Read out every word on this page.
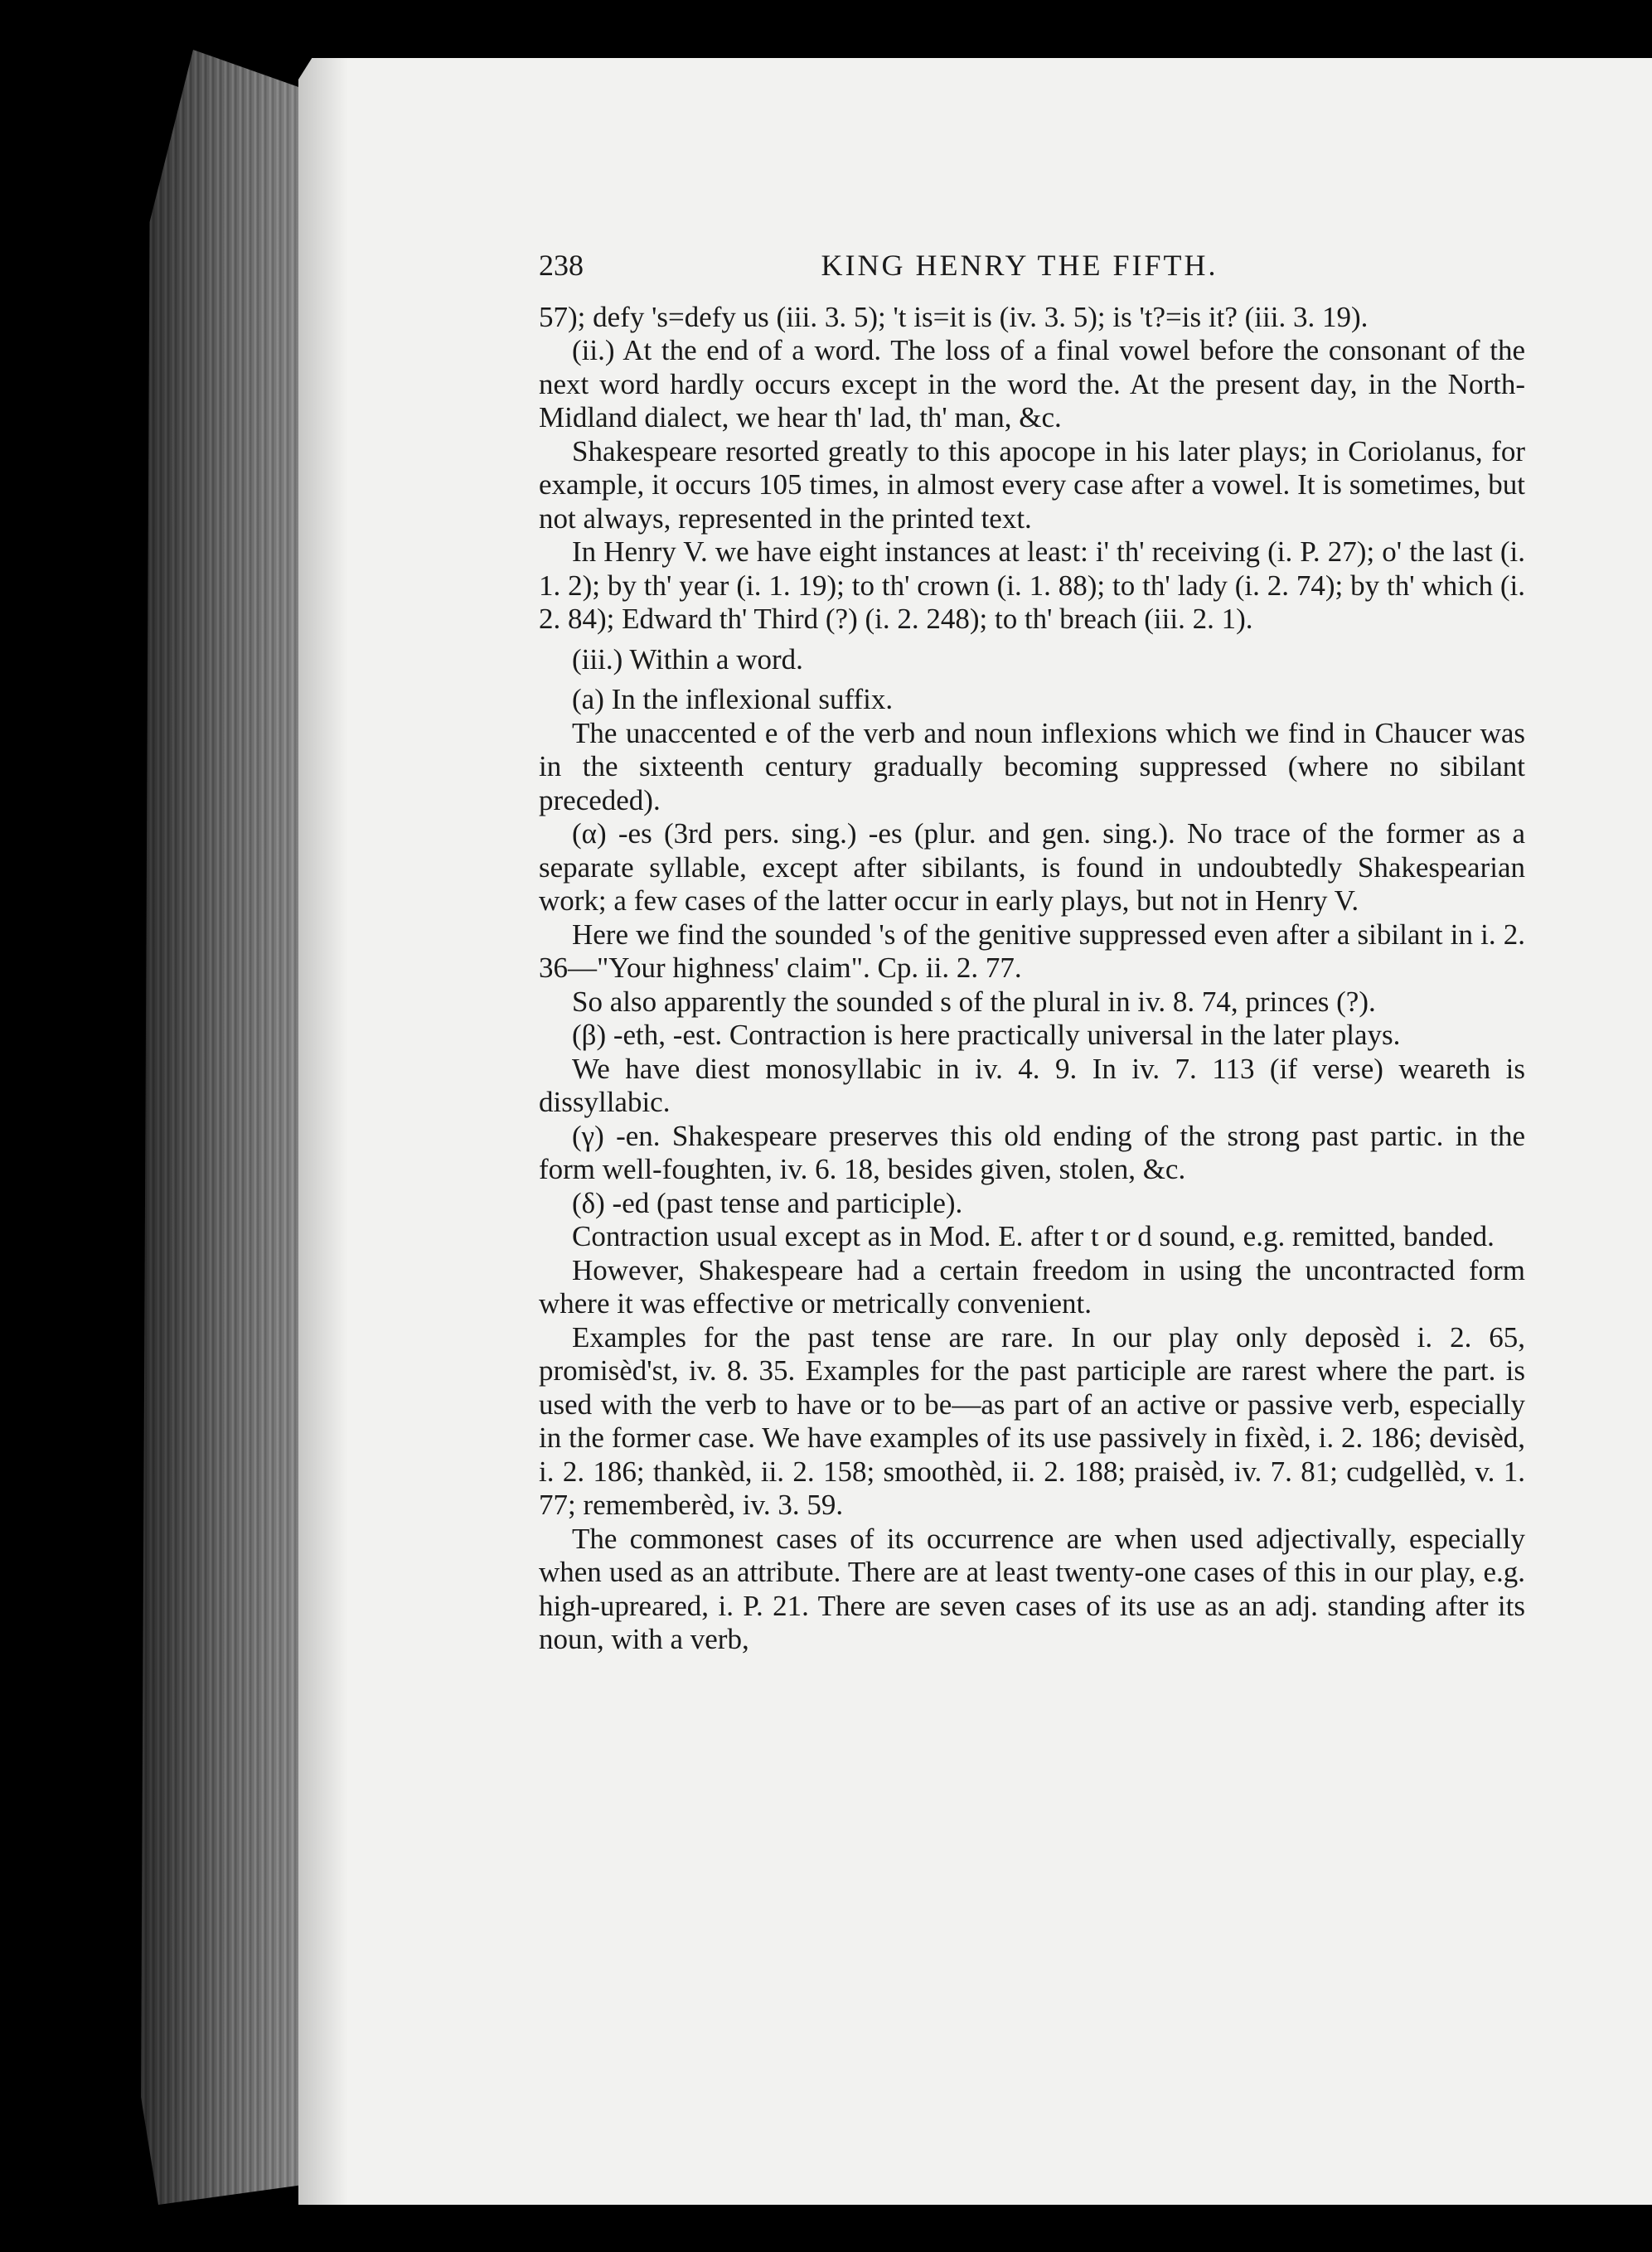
238	KING HENRY THE FIFTH.

57); defy 's=defy us (iii. 3. 5); 't is=it is (iv. 3. 5); is 't?=is it? (iii. 3. 19).

(ii.) At the end of a word. The loss of a final vowel before the consonant of the next word hardly occurs except in the word the. At the present day, in the North-Midland dialect, we hear th' lad, th' man, &c.

Shakespeare resorted greatly to this apocope in his later plays; in Coriolanus, for example, it occurs 105 times, in almost every case after a vowel. It is sometimes, but not always, represented in the printed text.

In Henry V. we have eight instances at least: i' th' receiving (i. P. 27); o' the last (i. 1. 2); by th' year (i. 1. 19); to th' crown (i. 1. 88); to th' lady (i. 2. 74); by th' which (i. 2. 84); Edward th' Third (?) (i. 2. 248); to th' breach (iii. 2. 1).

(iii.) Within a word.

(a) In the inflexional suffix.

The unaccented e of the verb and noun inflexions which we find in Chaucer was in the sixteenth century gradually becoming suppressed (where no sibilant preceded).

(α) -es (3rd pers. sing.) -es (plur. and gen. sing.). No trace of the former as a separate syllable, except after sibilants, is found in undoubtedly Shakespearian work; a few cases of the latter occur in early plays, but not in Henry V.

Here we find the sounded 's of the genitive suppressed even after a sibilant in i. 2. 36—"Your highness' claim". Cp. ii. 2. 77.

So also apparently the sounded s of the plural in iv. 8. 74, princes (?).

(β) -eth, -est. Contraction is here practically universal in the later plays.

We have diest monosyllabic in iv. 4. 9. In iv. 7. 113 (if verse) weareth is dissyllabic.

(γ) -en. Shakespeare preserves this old ending of the strong past partic. in the form well-foughten, iv. 6. 18, besides given, stolen, &c.

(δ) -ed (past tense and participle).

Contraction usual except as in Mod. E. after t or d sound, e.g. remitted, banded.

However, Shakespeare had a certain freedom in using the uncontracted form where it was effective or metrically convenient.

Examples for the past tense are rare. In our play only deposèd i. 2. 65, promisèd'st, iv. 8. 35. Examples for the past participle are rarest where the part. is used with the verb to have or to be—as part of an active or passive verb, especially in the former case. We have examples of its use passively in fixèd, i. 2. 186; devisèd, i. 2. 186; thankèd, ii. 2. 158; smoothèd, ii. 2. 188; praisèd, iv. 7. 81; cudgellèd, v. 1. 77; rememberèd, iv. 3. 59.

The commonest cases of its occurrence are when used adjectivally, especially when used as an attribute. There are at least twenty-one cases of this in our play, e.g. high-upreared, i. P. 21. There are seven cases of its use as an adj. standing after its noun, with a verb,
